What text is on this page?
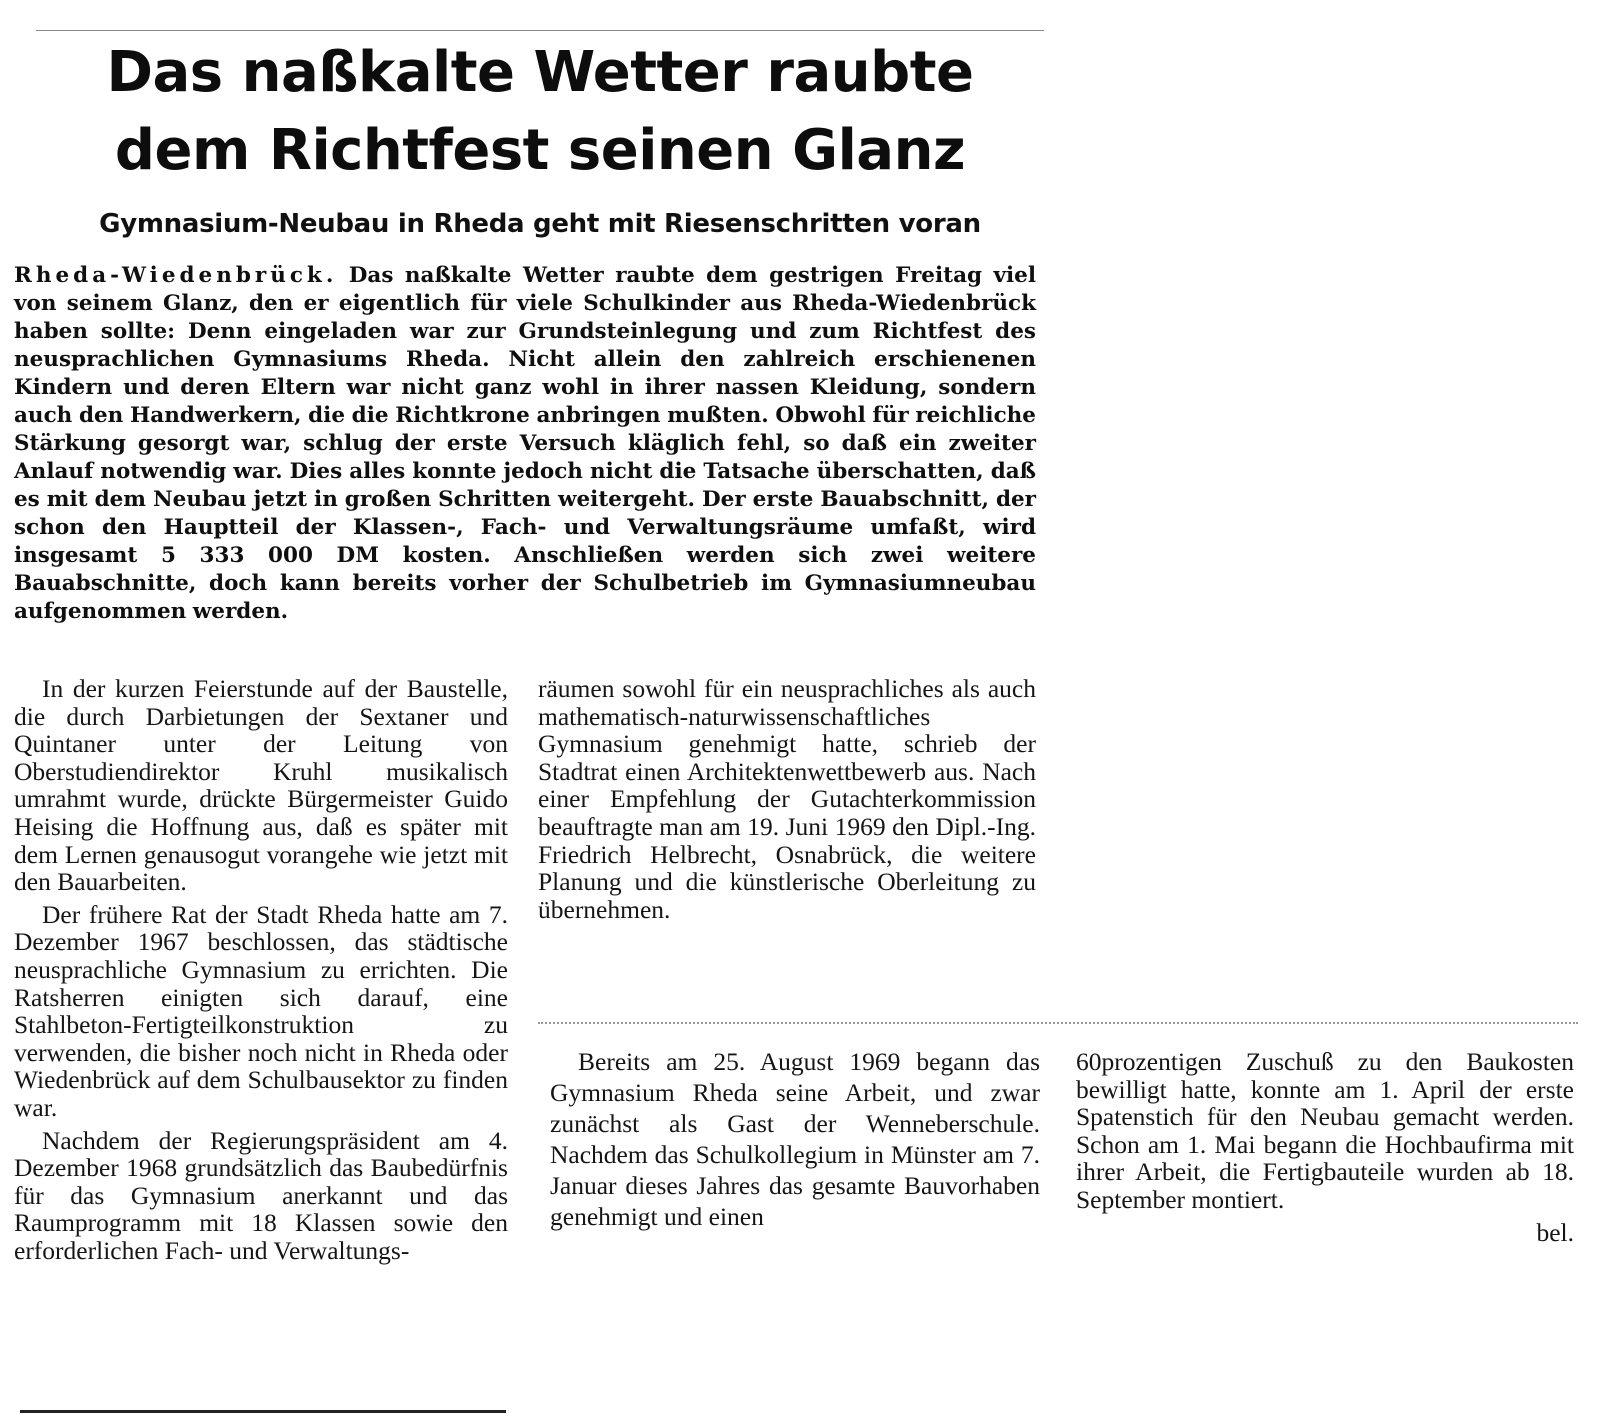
Das naßkalte Wetter raubte
dem Richtfest seinen Glanz
Gymnasium-Neubau in Rheda geht mit Riesenschritten voran

Rheda-Wiedenbrück. Das naßkalte Wetter raubte dem gestrigen Freitag viel von seinem Glanz, den er eigentlich für viele Schulkinder aus Rheda-Wiedenbrück haben sollte: Denn eingeladen war zur Grundsteinlegung und zum Richtfest des neusprachlichen Gymnasiums Rheda. Nicht allein den zahlreich erschienenen Kindern und deren Eltern war nicht ganz wohl in ihrer nassen Kleidung, sondern auch den Handwerkern, die die Richtkrone anbringen mußten. Obwohl für reichliche Stärkung gesorgt war, schlug der erste Versuch kläglich fehl, so daß ein zweiter Anlauf notwendig war. Dies alles konnte jedoch nicht die Tatsache überschatten, daß es mit dem Neubau jetzt in großen Schritten weitergeht. Der erste Bauabschnitt, der schon den Hauptteil der Klassen-, Fach- und Verwaltungsräume umfaßt, wird insgesamt 5 333 000 DM kosten. Anschließen werden sich zwei weitere Bauabschnitte, doch kann bereits vorher der Schulbetrieb im Gymnasiumneubau aufgenommen werden.

In der kurzen Feierstunde auf der Baustelle, die durch Darbietungen der Sextaner und Quintaner unter der Leitung von Oberstudiendirektor Kruhl musikalisch umrahmt wurde, drückte Bürgermeister Guido Heising die Hoffnung aus, daß es später mit dem Lernen genausogut vorangehe wie jetzt mit den Bauarbeiten.

Der frühere Rat der Stadt Rheda hatte am 7. Dezember 1967 beschlossen, das städtische neusprachliche Gymnasium zu errichten. Die Ratsherren einigten sich darauf, eine Stahlbeton-Fertigteilkonstruktion zu verwenden, die bisher noch nicht in Rheda oder Wiedenbrück auf dem Schulbausektor zu finden war.

Nachdem der Regierungspräsident am 4. Dezember 1968 grundsätzlich das Baubedürfnis für das Gymnasium anerkannt und das Raumprogramm mit 18 Klassen sowie den erforderlichen Fach- und Verwaltungs-

räumen sowohl für ein neusprachliches als auch mathematisch-naturwissenschaftliches Gymnasium genehmigt hatte, schrieb der Stadtrat einen Architektenwettbewerb aus. Nach einer Empfehlung der Gutachterkommission beauftragte man am 19. Juni 1969 den Dipl.-Ing. Friedrich Helbrecht, Osnabrück, die weitere Planung und die künstlerische Oberleitung zu übernehmen.

Bereits am 25. August 1969 begann das Gymnasium Rheda seine Arbeit, und zwar zunächst als Gast der Wenneberschule. Nachdem das Schulkollegium in Münster am 7. Januar dieses Jahres das gesamte Bauvorhaben genehmigt und einen

60prozentigen Zuschuß zu den Baukosten bewilligt hatte, konnte am 1. April der erste Spatenstich für den Neubau gemacht werden. Schon am 1. Mai begann die Hochbaufirma mit ihrer Arbeit, die Fertigbauteile wurden ab 18. September montiert.

bel.
